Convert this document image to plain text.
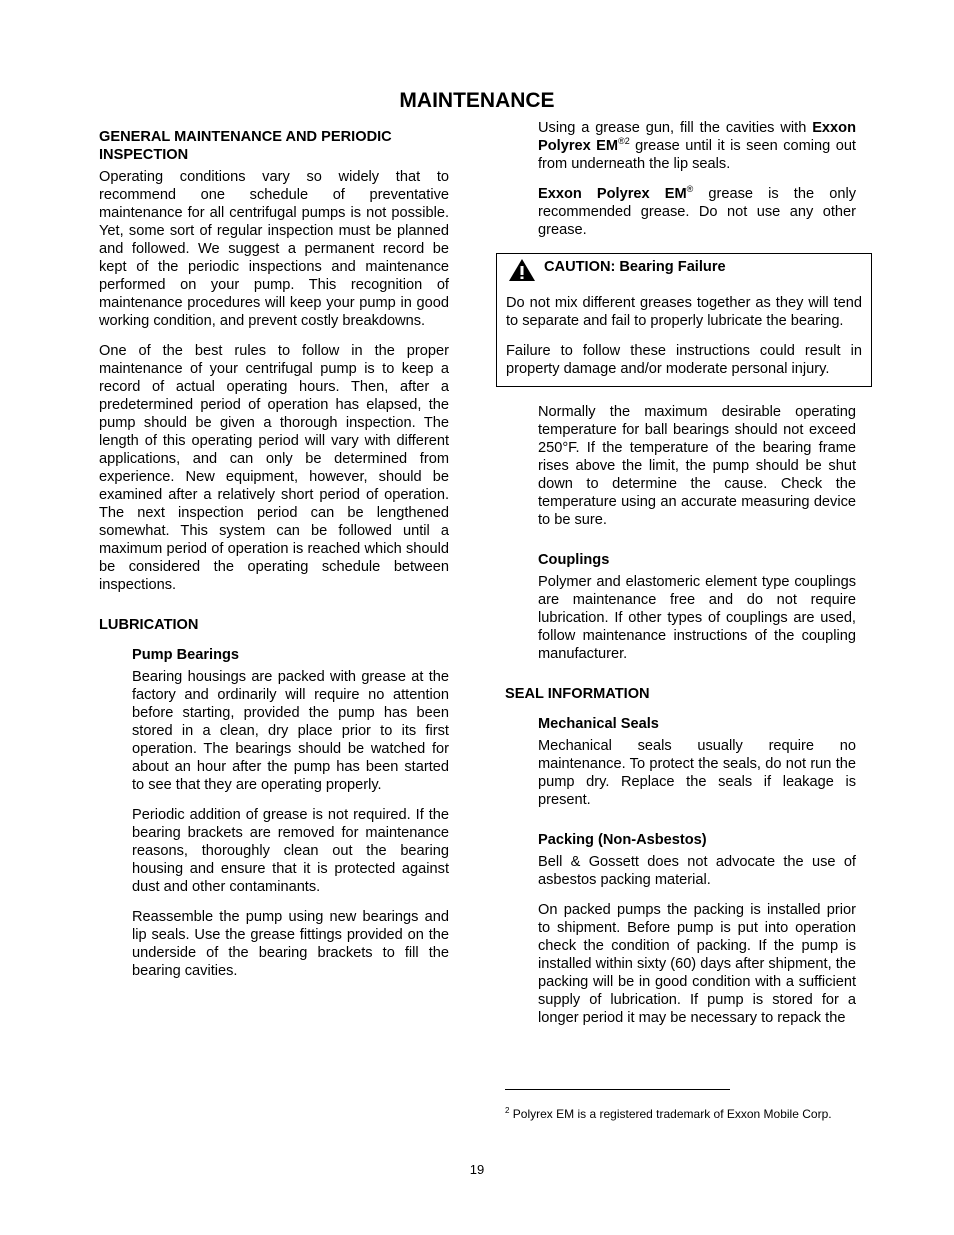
MAINTENANCE
GENERAL MAINTENANCE AND PERIODIC INSPECTION

Operating conditions vary so widely that to recommend one schedule of preventative maintenance for all centrifugal pumps is not possible. Yet, some sort of regular inspection must be planned and followed. We suggest a permanent record be kept of the periodic inspections and maintenance performed on your pump. This recognition of maintenance procedures will keep your pump in good working condition, and prevent costly breakdowns.

One of the best rules to follow in the proper maintenance of your centrifugal pump is to keep a record of actual operating hours. Then, after a predetermined period of operation has elapsed, the pump should be given a thorough inspection. The length of this operating period will vary with different applications, and can only be determined from experience. New equipment, however, should be examined after a relatively short period of operation. The next inspection period can be lengthened somewhat. This system can be followed until a maximum period of operation is reached which should be considered the operating schedule between inspections.

LUBRICATION
Pump Bearings

Bearing housings are packed with grease at the factory and ordinarily will require no attention before starting, provided the pump has been stored in a clean, dry place prior to its first operation. The bearings should be watched for about an hour after the pump has been started to see that they are operating properly.

Periodic addition of grease is not required. If the bearing brackets are removed for maintenance reasons, thoroughly clean out the bearing housing and ensure that it is protected against dust and other contaminants.

Reassemble the pump using new bearings and lip seals. Use the grease fittings provided on the underside of the bearing brackets to fill the bearing cavities.

Using a grease gun, fill the cavities with Exxon Polyrex $EM^{®2}$ grease until it is seen coming out from underneath the lip seals.

Exxon Polyrex EM® grease is the only recommended grease. Do not use any other grease.

CAUTION: Bearing Failure

Do not mix different greases together as they will tend to separate and fail to properly lubricate the bearing.

Failure to follow these instructions could result in property damage and/or moderate personal injury.

Normally the maximum desirable operating temperature for ball bearings should not exceed 250°F. If the temperature of the bearing frame rises above the limit, the pump should be shut down to determine the cause. Check the temperature using an accurate measuring device to be sure.

Couplings

Polymer and elastomeric element type couplings are maintenance free and do not require lubrication. If other types of couplings are used, follow maintenance instructions of the coupling manufacturer.

SEAL INFORMATION
Mechanical Seals

Mechanical seals usually require no maintenance. To protect the seals, do not run the pump dry. Replace the seals if leakage is present.

Packing (Non-Asbestos)

Bell & Gossett does not advocate the use of asbestos packing material.

On packed pumps the packing is installed prior to shipment. Before pump is put into operation check the condition of packing. If the pump is installed within sixty (60) days after shipment, the packing will be in good condition with a sufficient supply of lubrication. If pump is stored for a longer period it may be necessary to repack the

$^2$ Polyrex EM is a registered trademark of Exxon Mobile Corp.
19
